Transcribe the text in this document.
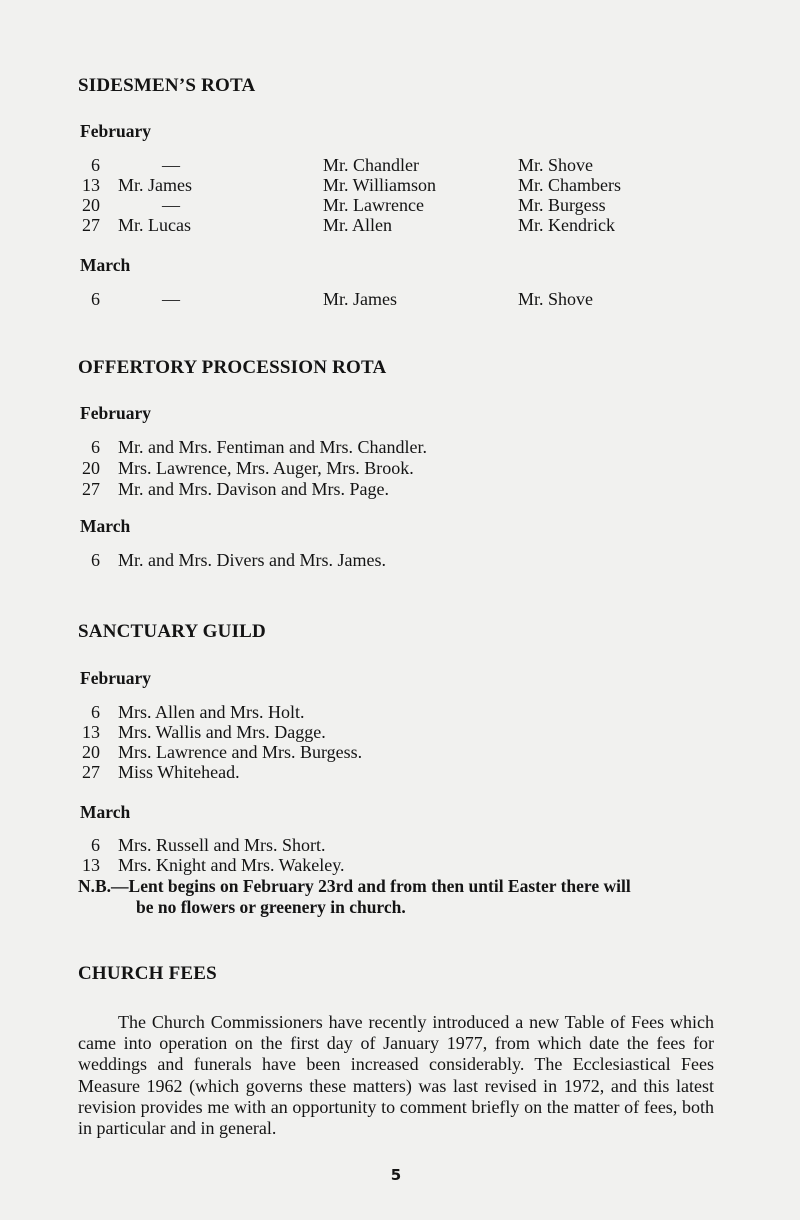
SIDESMEN’S ROTA
February
6	—	Mr. Chandler	Mr. Shove
13 Mr. James	Mr. Williamson	Mr. Chambers
20	—	Mr. Lawrence	Mr. Burgess
27 Mr. Lucas	Mr. Allen	Mr. Kendrick
March
6	—	Mr. James	Mr. Shove
OFFERTORY PROCESSION ROTA
February
6 Mr. and Mrs. Fentiman and Mrs. Chandler.
20 Mrs. Lawrence, Mrs. Auger, Mrs. Brook.
27 Mr. and Mrs. Davison and Mrs. Page.
March
6 Mr. and Mrs. Divers and Mrs. James.
SANCTUARY GUILD
February
6 Mrs. Allen and Mrs. Holt.
13 Mrs. Wallis and Mrs. Dagge.
20 Mrs. Lawrence and Mrs. Burgess.
27 Miss Whitehead.
March
6 Mrs. Russell and Mrs. Short.
13 Mrs. Knight and Mrs. Wakeley.
N.B.—Lent begins on February 23rd and from then until Easter there will
be no flowers or greenery in church.
CHURCH FEES

The Church Commissioners have recently introduced a new Table of Fees which came into operation on the first day of January 1977, from which date the fees for weddings and funerals have been increased considerably. The Ecclesiastical Fees Measure 1962 (which governs these matters) was last revised in 1972, and this latest revision provides me with an opportunity to comment briefly on the matter of fees, both in particular and in general.

5
